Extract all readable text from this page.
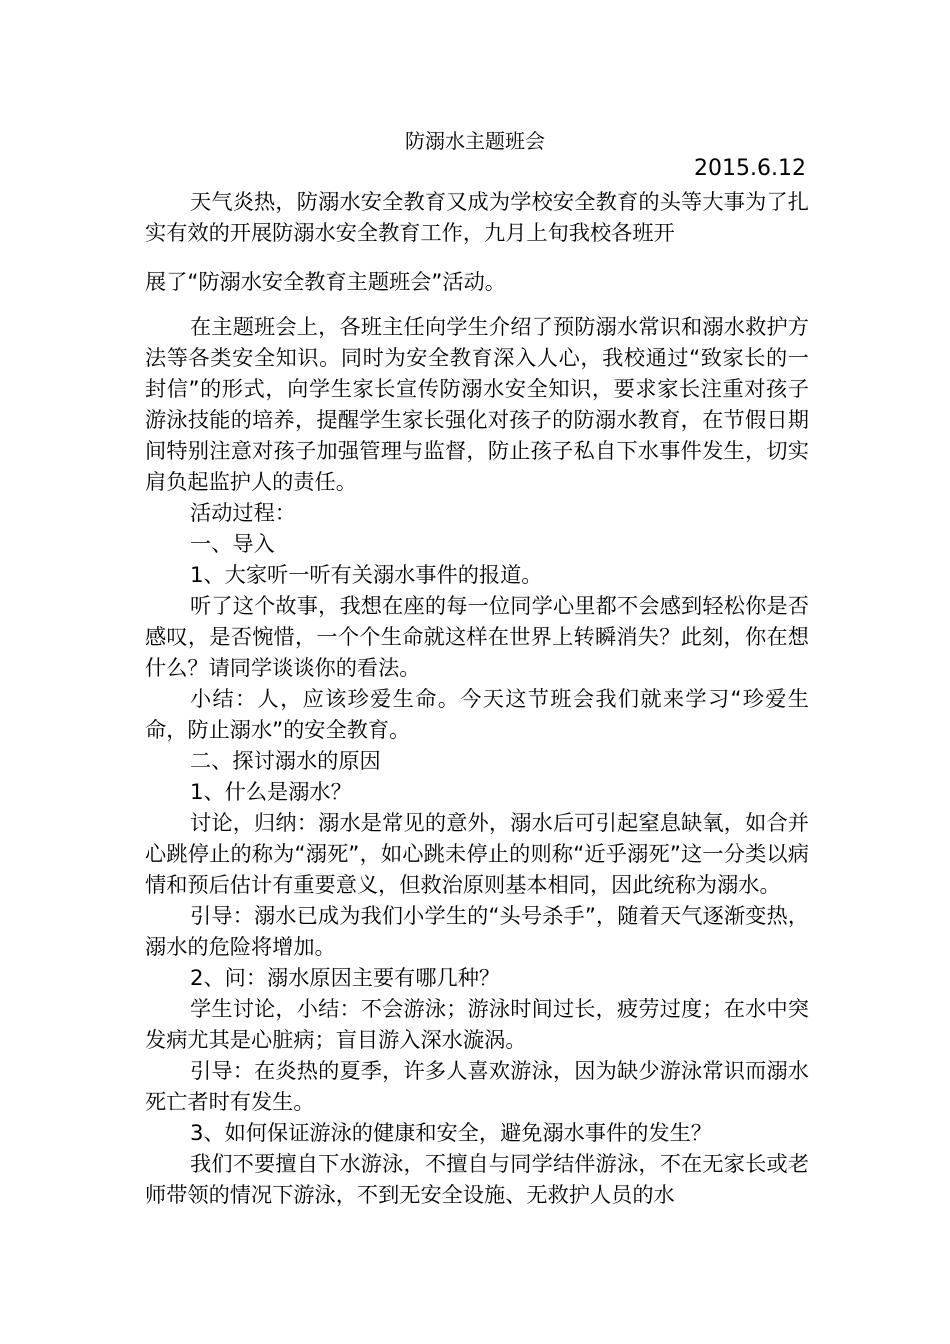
防溺水主题班会
2015.6.12

天气炎热，防溺水安全教育又成为学校安全教育的头等大事为了扎实有效的开展防溺水安全教育工作，九月上旬我校各班开

展了“防溺水安全教育主题班会”活动。

在主题班会上，各班主任向学生介绍了预防溺水常识和溺水救护方法等各类安全知识。同时为安全教育深入人心，我校通过“致家长的一封信”的形式，向学生家长宣传防溺水安全知识，要求家长注重对孩子游泳技能的培养，提醒学生家长强化对孩子的防溺水教育，在节假日期间特别注意对孩子加强管理与监督，防止孩子私自下水事件发生，切实肩负起监护人的责任。

活动过程：

一、导入

1、大家听一听有关溺水事件的报道。

听了这个故事，我想在座的每一位同学心里都不会感到轻松你是否感叹，是否惋惜，一个个生命就这样在世界上转瞬消失？此刻，你在想什么？请同学谈谈你的看法。

小结：人，应该珍爱生命。今天这节班会我们就来学习“珍爱生命，防止溺水”的安全教育。

二、探讨溺水的原因

1、什么是溺水？

讨论，归纳：溺水是常见的意外，溺水后可引起窒息缺氧，如合并心跳停止的称为“溺死”，如心跳未停止的则称“近乎溺死”这一分类以病情和预后估计有重要意义，但救治原则基本相同，因此统称为溺水。

引导：溺水已成为我们小学生的“头号杀手”，随着天气逐渐变热，溺水的危险将增加。

2、问：溺水原因主要有哪几种？

学生讨论，小结：不会游泳；游泳时间过长，疲劳过度；在水中突发病尤其是心脏病；盲目游入深水漩涡。

引导：在炎热的夏季，许多人喜欢游泳，因为缺少游泳常识而溺水死亡者时有发生。

3、如何保证游泳的健康和安全，避免溺水事件的发生？

我们不要擅自下水游泳，不擅自与同学结伴游泳，不在无家长或老师带领的情况下游泳，不到无安全设施、无救护人员的水
